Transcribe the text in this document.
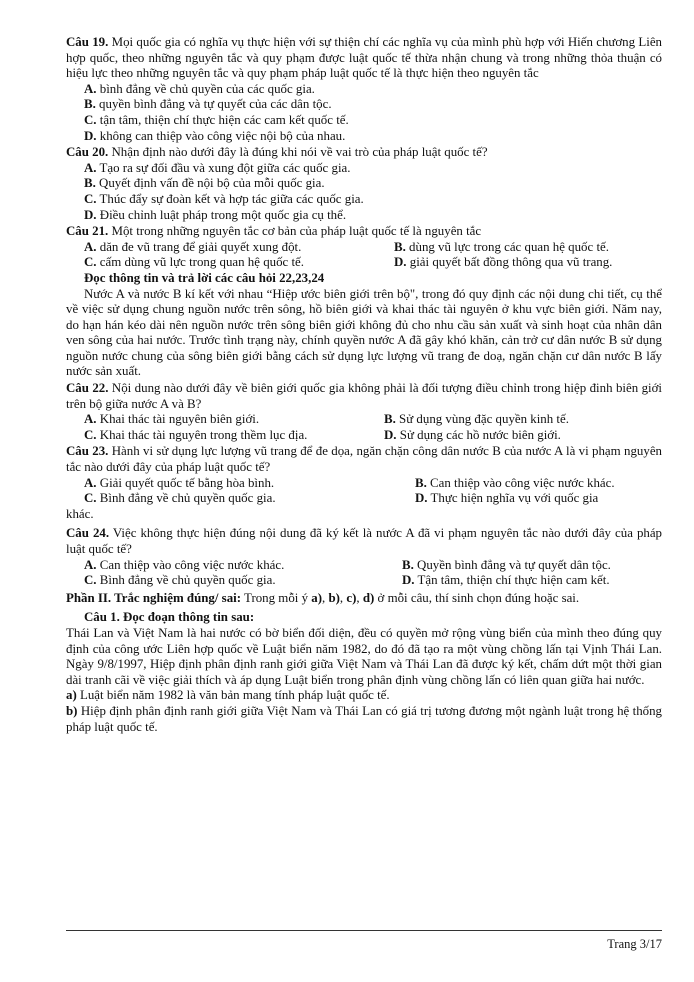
Câu 19. Mọi quốc gia có nghĩa vụ thực hiện với sự thiện chí các nghĩa vụ của mình phù hợp với Hiến chương Liên hợp quốc, theo những nguyên tắc và quy phạm được luật quốc tế thừa nhận chung và trong những thỏa thuận có hiệu lực theo những nguyên tắc và quy phạm pháp luật quốc tế là thực hiện theo nguyên tắc

A. bình đẳng về chủ quyền của các quốc gia.

B. quyền bình đẳng và tự quyết của các dân tộc.

C. tận tâm, thiện chí thực hiện các cam kết quốc tế.

D. không can thiệp vào công việc nội bộ của nhau.

Câu 20. Nhận định nào dưới đây là đúng khi nói về vai trò của pháp luật quốc tế?

A. Tạo ra sự đối đầu và xung đột giữa các quốc gia.

B. Quyết định vấn đề nội bộ của mỗi quốc gia.

C. Thúc đẩy sự đoàn kết và hợp tác giữa các quốc gia.

D. Điều chỉnh luật pháp trong một quốc gia cụ thể.

Câu 21. Một trong những nguyên tắc cơ bản của pháp luật quốc tế là nguyên tắc

A. dăn đe vũ trang để giải quyết xung đột.	B. dùng vũ lực trong các quan hệ quốc tế.

C. cấm dùng vũ lực trong quan hệ quốc tế.	D. giải quyết bất đồng thông qua vũ trang.

Đọc thông tin và trả lời các câu hỏi 22,23,24

Nước A và nước B kí kết với nhau “Hiệp ước biên giới trên bộ", trong đó quy định các nội dung chi tiết, cụ thể về việc sử dụng chung nguồn nước trên sông, hồ biên giới và khai thác tài nguyên ở khu vực biên giới. Năm nay, do hạn hán kéo dài nên nguồn nước trên sông biên giới không đủ cho nhu cầu sản xuất và sinh hoạt của nhân dân ven sông của hai nước. Trước tình trạng này, chính quyền nước A đã gây khó khăn, cản trở cư dân nước B sử dụng nguồn nước chung của sông biên giới bằng cách sử dụng lực lượng vũ trang đe doạ, ngăn chặn cư dân nước B lấy nước sản xuất.

Câu 22. Nội dung nào dưới đây về biên giới quốc gia không phải là đối tượng điều chỉnh trong hiệp đinh biên giới trên bộ giữa nước A và B?

A. Khai thác tài nguyên biên giới.	B. Sử dụng vùng đặc quyền kinh tế.

C. Khai thác tài nguyên trong thềm lục địa.	D. Sử dụng các hồ nước biên giới.

Câu 23. Hành vi sử dụng lực lượng vũ trang để đe dọa, ngăn chặn công dân nước B của nước A là vi phạm nguyên tắc nào dưới đây của pháp luật quốc tế?

A. Giải quyết quốc tế bằng hòa bình.	B. Can thiệp vào công việc nước khác.

C. Bình đẳng về chủ quyền quốc gia.	D. Thực hiện nghĩa vụ với quốc gia

khác.

Câu 24. Việc không thực hiện đúng nội dung đã ký kết là nước A đã vi phạm nguyên tắc nào dưới đây của pháp luật quốc tế?

A. Can thiệp vào công việc nước khác.	B. Quyền bình đẳng và tự quyết dân tộc.

C. Bình đẳng về chủ quyền quốc gia.	D. Tận tâm, thiện chí thực hiện cam kết.

Phần II. Trắc nghiệm đúng/ sai: Trong mỗi ý a), b), c), d) ở mỗi câu, thí sinh chọn đúng hoặc sai.

Câu 1. Đọc đoạn thông tin sau:

Thái Lan và Việt Nam là hai nước có bờ biển đối diện, đều có quyền mở rộng vùng biển của mình theo đúng quy định của công ước Liên hợp quốc về Luật biển năm 1982, do đó đã tạo ra một vùng chồng lấn tại Vịnh Thái Lan. Ngày 9/8/1997, Hiệp định phân định ranh giới giữa Việt Nam và Thái Lan đã được ký kết, chấm dứt một thời gian dài tranh cãi về việc giải thích và áp dụng Luật biển trong phân định vùng chồng lấn có liên quan giữa hai nước.

a) Luật biển năm 1982 là văn bản mang tính pháp luật quốc tế.

b) Hiệp định phân định ranh giới giữa Việt Nam và Thái Lan có giá trị tương đương một ngành luật trong hệ thống pháp luật quốc tế.

Trang 3/17
